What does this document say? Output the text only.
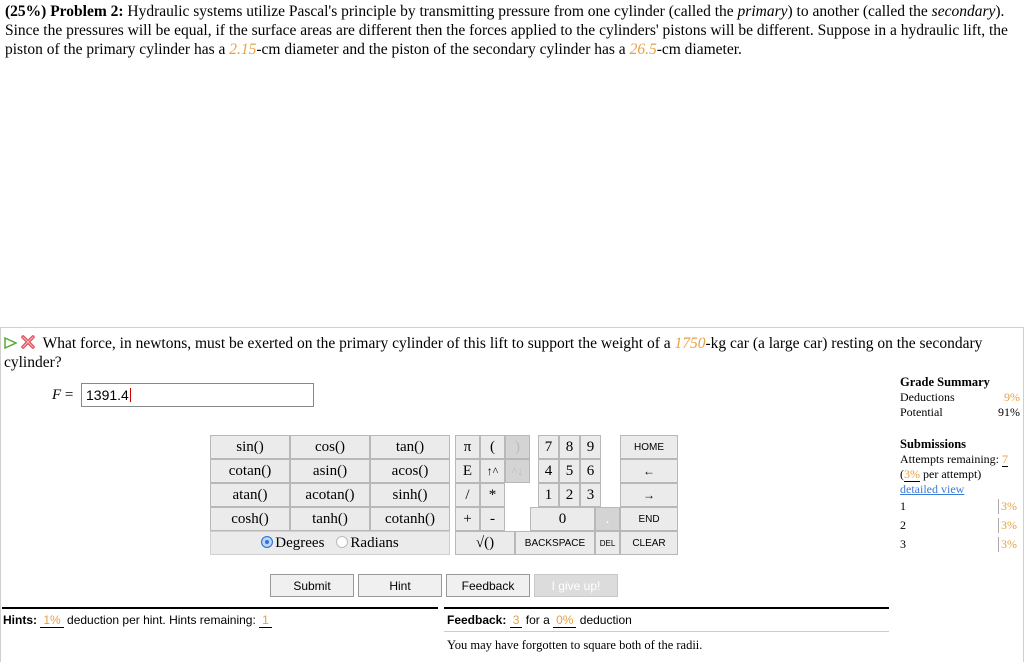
(25%) Problem 2: Hydraulic systems utilize Pascal's principle by transmitting pressure from one cylinder (called the primary) to another (called the secondary). Since the pressures will be equal, if the surface areas are different then the forces applied to the cylinders' pistons will be different. Suppose in a hydraulic lift, the piston of the primary cylinder has a 2.15-cm diameter and the piston of the secondary cylinder has a 26.5-cm diameter.
What force, in newtons, must be exerted on the primary cylinder of this lift to support the weight of a 1750-kg car (a large car) resting on the secondary cylinder?
F = 1391.4
sin()	cos()	tan()
cotan()	asin()	acos()
atan()	acotan()	sinh()
cosh()	tanh()	cotanh()
Degrees	Radians
π	(	)
E	↑^	^↓
/	*
+	-
√()
7 8 9
4 5 6
1 2 3
0	.
BACKSPACE	DEL
HOME
←
→
END
CLEAR
Submit	Hint	Feedback	I give up!
Hints: 1% deduction per hint. Hints remaining: 1	Feedback: 3 for a 0% deduction
You may have forgotten to square both of the radii.
Grade Summary
Deductions	9%
Potential	91%
Submissions
Attempts remaining: 7
(3% per attempt)
detailed view
1	3%
2	3%
3	3%
